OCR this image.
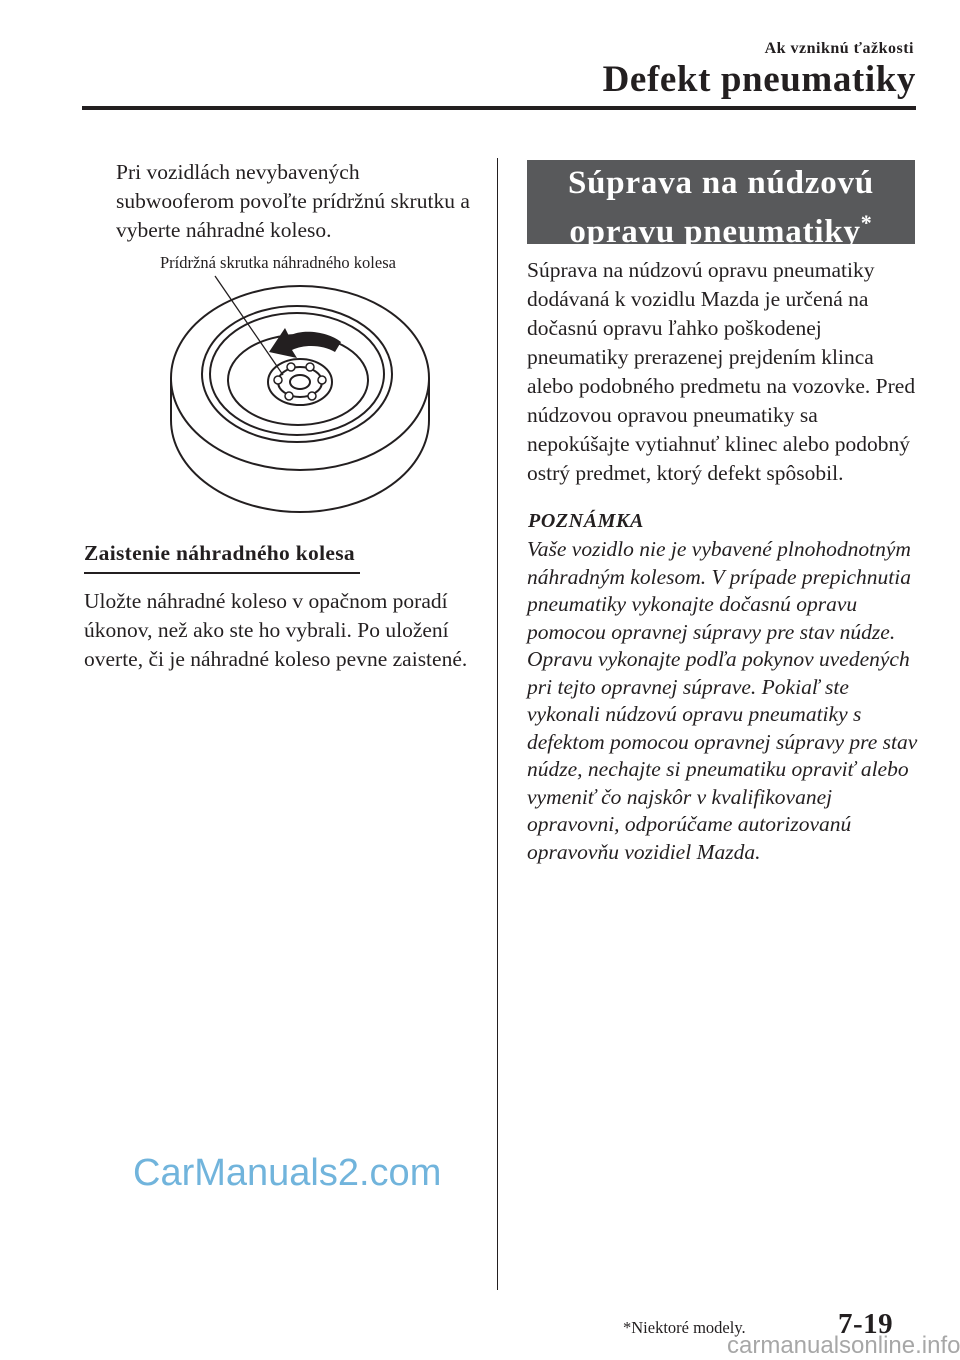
Ak vzniknú ťažkosti
Defekt pneumatiky
Pri vozidlách nevybavených subwooferom povoľte prídržnú skrutku a vyberte náhradné koleso.
Prídržná skrutka náhradného kolesa
Zaistenie náhradného kolesa
Uložte náhradné koleso v opačnom poradí úkonov, než ako ste ho vybrali. Po uložení overte, či je náhradné koleso pevne zaistené.
Súprava na núdzovú
opravu pneumatiky*
Súprava na núdzovú opravu pneumatiky dodávaná k vozidlu Mazda je určená na dočasnú opravu ľahko poškodenej pneumatiky prerazenej prejdením klinca alebo podobného predmetu na vozovke. Pred núdzovou opravou pneumatiky sa nepokúšajte vytiahnuť klinec alebo podobný ostrý predmet, ktorý defekt spôsobil.
POZNÁMKA
Vaše vozidlo nie je vybavené plnohodnotným náhradným kolesom. V prípade prepichnutia pneumatiky vykonajte dočasnú opravu pomocou opravnej súpravy pre stav núdze. Opravu vykonajte podľa pokynov uvedených pri tejto opravnej súprave. Pokiaľ ste vykonali núdzovú opravu pneumatiky s defektom pomocou opravnej súpravy pre stav núdze, nechajte si pneumatiku opraviť alebo vymeniť čo najskôr v kvalifikovanej opravovni, odporúčame autorizovanú opravovňu vozidiel Mazda.
*Niektoré modely.	7-19
CarManuals2.com
carmanualsonline.info
